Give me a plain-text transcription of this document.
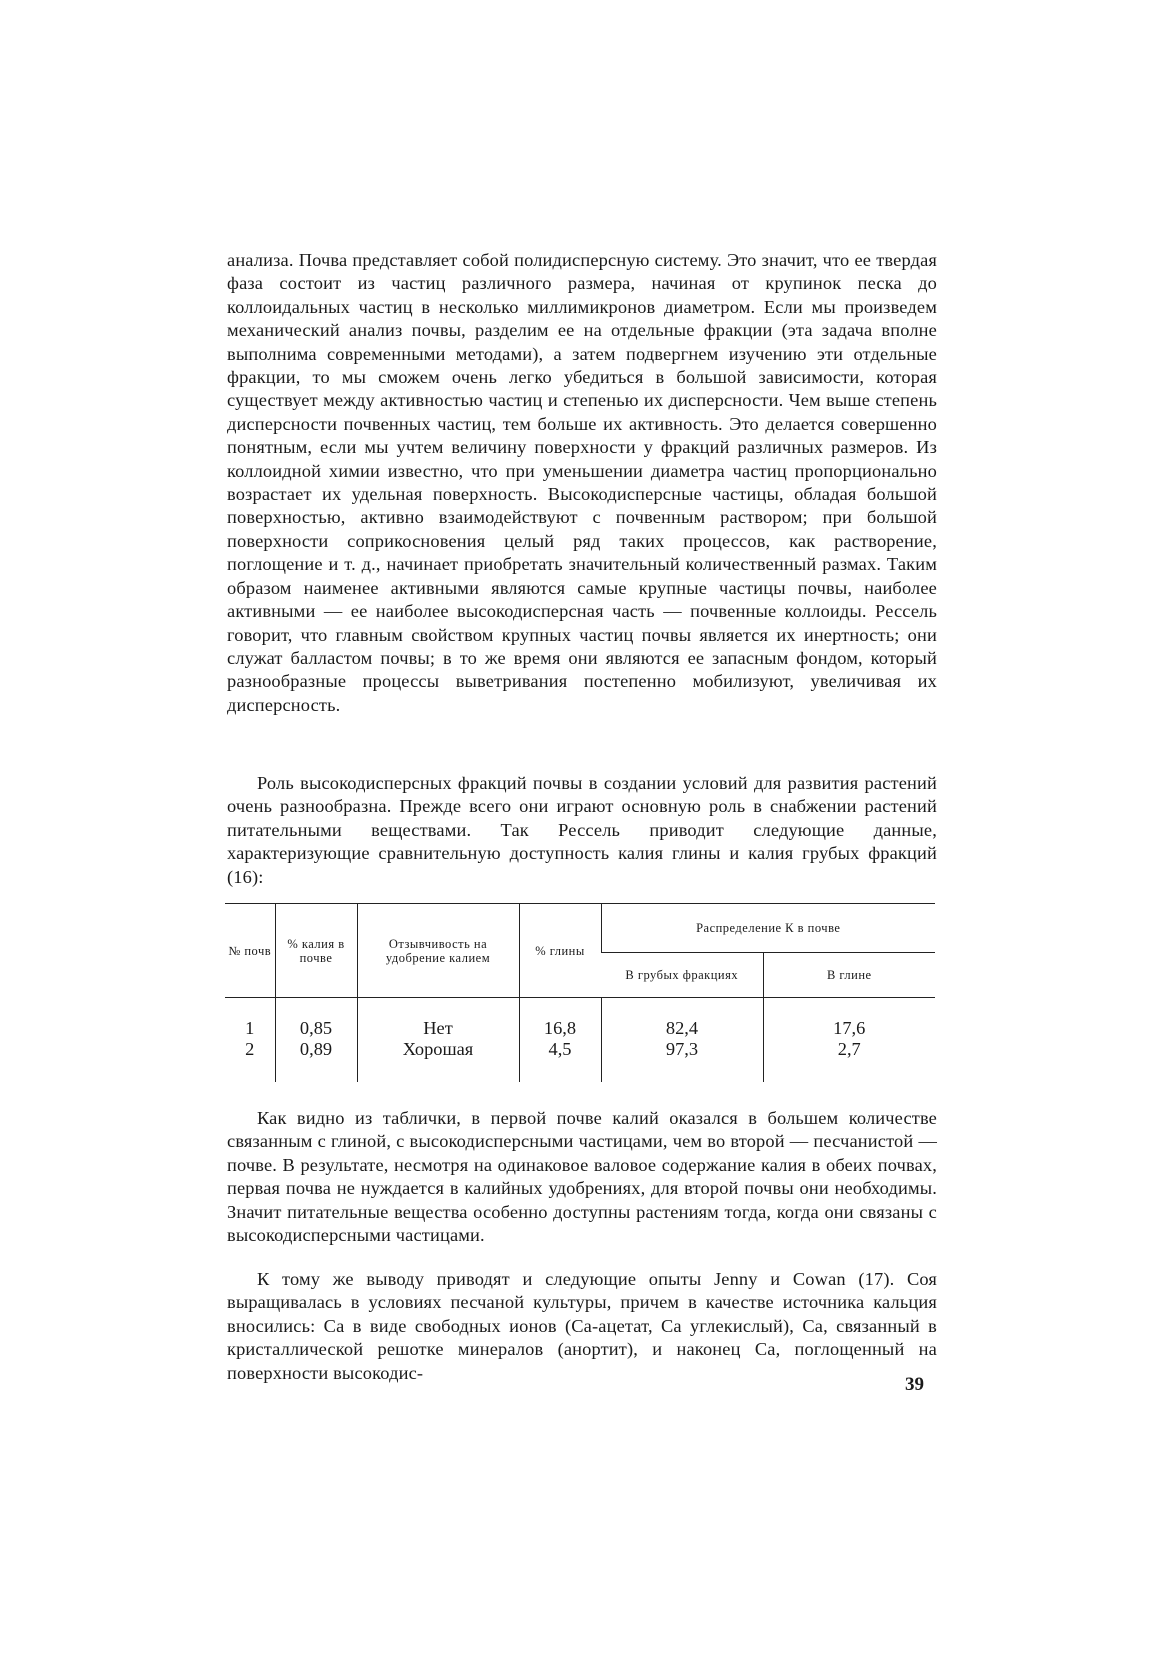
анализа. Почва представляет собой полидисперсную систему. Это значит, что ее твердая фаза состоит из частиц различного размера, начиная от крупинок песка до коллоидальных частиц в несколько миллимикронов диаметром. Если мы произведем механический анализ почвы, разделим ее на отдельные фракции (эта задача вполне выполнима современными методами), а затем подвергнем изучению эти отдельные фракции, то мы сможем очень легко убедиться в большой зависимости, которая существует между активностью частиц и степенью их дисперсности. Чем выше степень дисперсности почвенных частиц, тем больше их активность. Это делается совершенно понятным, если мы учтем величину поверхности у фракций различных размеров. Из коллоидной химии известно, что при уменьшении диаметра частиц пропорционально возрастает их удельная поверхность. Высокодисперсные частицы, обладая большой поверхностью, активно взаимодействуют с почвенным раствором; при большой поверхности соприкосновения целый ряд таких процессов, как растворение, поглощение и т. д., начинает приобретать значительный количественный размах. Таким образом наименее активными являются самые крупные частицы почвы, наиболее активными — ее наиболее высокодисперсная часть — почвенные коллоиды. Рессель говорит, что главным свойством крупных частиц почвы является их инертность; они служат балластом почвы; в то же время они являются ее запасным фондом, который разнообразные процессы выветривания постепенно мобилизуют, увеличивая их дисперсность.

Роль высокодисперсных фракций почвы в создании условий для развития растений очень разнообразна. Прежде всего они играют основную роль в снабжении растений питательными веществами. Так Рессель приводит следующие данные, характеризующие сравнительную доступность калия глины и калия грубых фракций (16):

№ почв	% калия в почве	Отзывчивость на удобрение калием	% глины	Распределение К в почве	
				В грубых фракциях	В глине

1	0,85	Нет	16,8	82,4	17,6
2	0,89	Хорошая	4,5	97,3	2,7

Как видно из таблички, в первой почве калий оказался в большем количестве связанным с глиной, с высокодисперсными частицами, чем во второй — песчанистой — почве. В результате, несмотря на одинаковое валовое содержание калия в обеих почвах, первая почва не нуждается в калийных удобрениях, для второй почвы они необходимы. Значит питательные вещества особенно доступны растениям тогда, когда они связаны с высокодисперсными частицами.

К тому же выводу приводят и следующие опыты Jenny и Cowan (17). Соя выращивалась в условиях песчаной культуры, причем в качестве источника кальция вносились: Са в виде свободных ионов (Са-ацетат, Са углекислый), Са, связанный в кристаллической решотке минералов (анортит), и наконец Са, поглощенный на поверхности высокодис-

39
